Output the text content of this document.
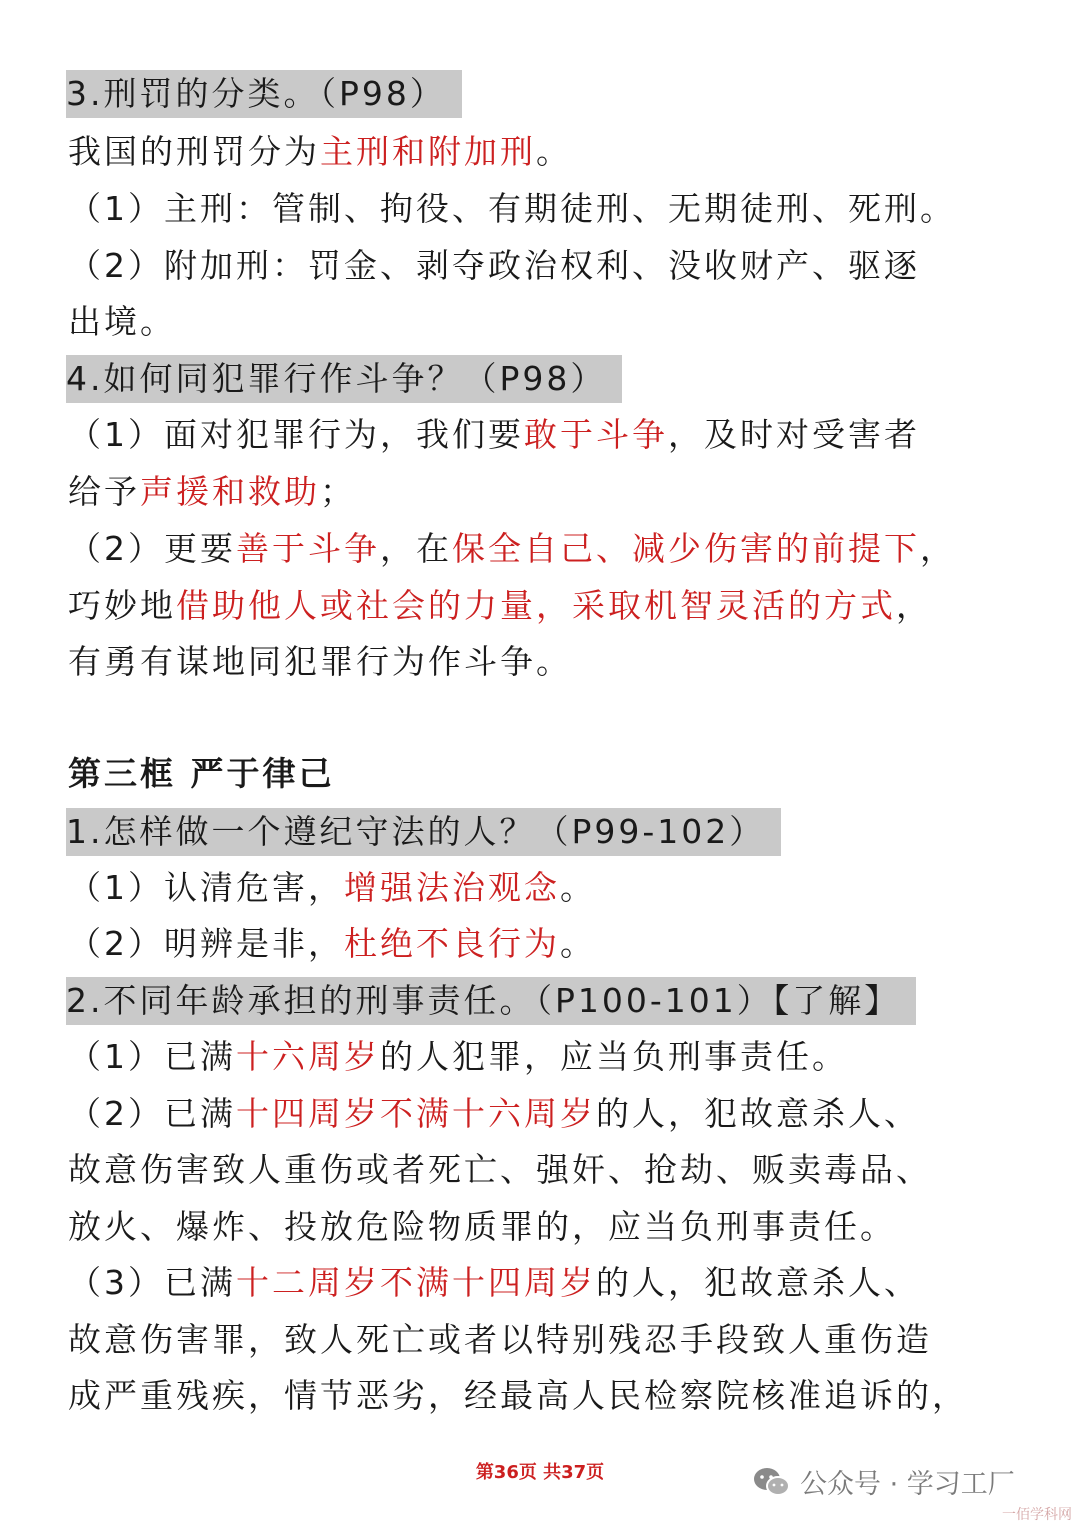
3.刑罚的分类。（P98）
我国的刑罚分为主刑和附加刑。
（1）主刑：管制、拘役、有期徒刑、无期徒刑、死刑。
（2）附加刑：罚金、剥夺政治权利、没收财产、驱逐
出境。
4.如何同犯罪行作斗争？（P98）
（1）面对犯罪行为，我们要敢于斗争，及时对受害者
给予声援和救助；
（2）更要善于斗争，在保全自己、减少伤害的前提下，
巧妙地借助他人或社会的力量，采取机智灵活的方式，
有勇有谋地同犯罪行为作斗争。
第三框 严于律己
1.怎样做一个遵纪守法的人？（P99-102）
（1）认清危害，增强法治观念。
（2）明辨是非，杜绝不良行为。
2.不同年龄承担的刑事责任。（P100-101）【了解】
（1）已满十六周岁的人犯罪，应当负刑事责任。
（2）已满十四周岁不满十六周岁的人，犯故意杀人、
故意伤害致人重伤或者死亡、强奸、抢劫、贩卖毒品、
放火、爆炸、投放危险物质罪的，应当负刑事责任。
（3）已满十二周岁不满十四周岁的人，犯故意杀人、
故意伤害罪，致人死亡或者以特别残忍手段致人重伤造
成严重残疾，情节恶劣，经最高人民检察院核准追诉的，
第36页 共37页	公众号 · 学习工厂
一佰学科网
